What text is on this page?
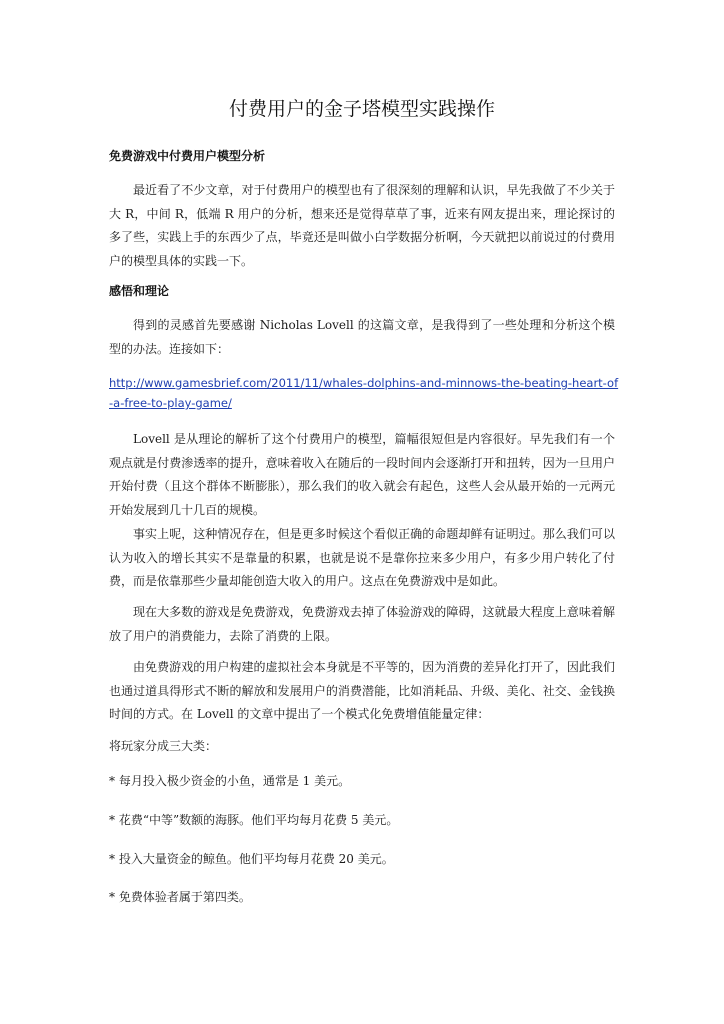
付费用户的金子塔模型实践操作
免费游戏中付费用户模型分析
最近看了不少文章，对于付费用户的模型也有了很深刻的理解和认识，早先我做了不少关于大 R，中间 R，低端 R 用户的分析，想来还是觉得草草了事，近来有网友提出来，理论探讨的多了些，实践上手的东西少了点，毕竟还是叫做小白学数据分析啊，今天就把以前说过的付费用户的模型具体的实践一下。
感悟和理论
得到的灵感首先要感谢 Nicholas Lovell 的这篇文章，是我得到了一些处理和分析这个模型的办法。连接如下：
http://www.gamesbrief.com/2011/11/whales-dolphins-and-minnows-the-beating-heart-of-a-free-to-play-game/
Lovell 是从理论的解析了这个付费用户的模型，篇幅很短但是内容很好。早先我们有一个观点就是付费渗透率的提升，意味着收入在随后的一段时间内会逐渐打开和扭转，因为一旦用户开始付费（且这个群体不断膨胀），那么我们的收入就会有起色，这些人会从最开始的一元两元开始发展到几十几百的规模。
事实上呢，这种情况存在，但是更多时候这个看似正确的命题却鲜有证明过。那么我们可以认为收入的增长其实不是靠量的积累，也就是说不是靠你拉来多少用户，有多少用户转化了付费，而是依靠那些少量却能创造大收入的用户。这点在免费游戏中是如此。
现在大多数的游戏是免费游戏，免费游戏去掉了体验游戏的障碍，这就最大程度上意味着解放了用户的消费能力，去除了消费的上限。
由免费游戏的用户构建的虚拟社会本身就是不平等的，因为消费的差异化打开了，因此我们也通过道具得形式不断的解放和发展用户的消费潜能，比如消耗品、升级、美化、社交、金钱换时间的方式。在 Lovell 的文章中提出了一个模式化免费增值能量定律：
将玩家分成三大类：
* 每月投入极少资金的小鱼，通常是 1 美元。
* 花费“中等”数额的海豚。他们平均每月花费 5 美元。
* 投入大量资金的鲸鱼。他们平均每月花费 20 美元。
* 免费体验者属于第四类。
